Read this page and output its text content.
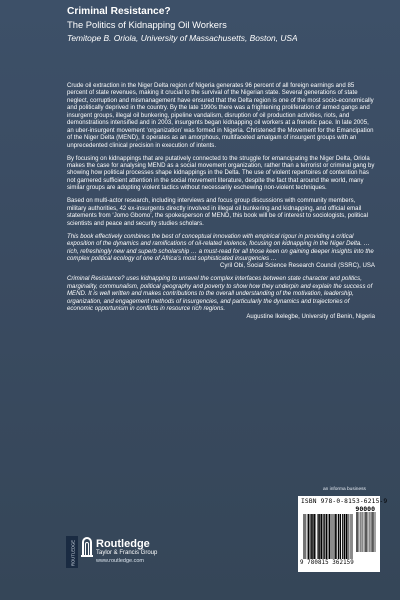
Criminal Resistance?

The Politics of Kidnapping Oil Workers

Temitope B. Oriola, University of Massachusetts, Boston, USA

Crude oil extraction in the Niger Delta region of Nigeria generates 96 percent of all foreign earnings and 85 percent of state revenues, making it crucial to the survival of the Nigerian state. Several generations of state neglect, corruption and mismanagement have ensured that the Delta region is one of the most socio-economically and politically deprived in the country. By the late 1990s there was a frightening proliferation of armed gangs and insurgent groups, illegal oil bunkering, pipeline vandalism, disruption of oil production activities, riots, and demonstrations intensified and in 2003, insurgents began kidnapping oil workers at a frenetic pace. In late 2005, an uber-insurgent movement ‘organization’ was formed in Nigeria. Christened the Movement for the Emancipation of the Niger Delta (MEND), it operates as an amorphous, multifaceted amalgam of insurgent groups with an unprecedented clinical precision in execution of intents.

By focusing on kidnappings that are putatively connected to the struggle for emancipating the Niger Delta, Oriola makes the case for analysing MEND as a social movement organization, rather than a terrorist or criminal gang by showing how political processes shape kidnappings in the Delta. The use of violent repertoires of contention has not garnered sufficient attention in the social movement literature, despite the fact that around the world, many similar groups are adopting violent tactics without necessarily eschewing non-violent techniques.

Based on multi-actor research, including interviews and focus group discussions with community members, military authorities, 42 ex-insurgents directly involved in illegal oil bunkering and kidnapping, and official email statements from ‘Jomo Gbomo’, the spokesperson of MEND, this book will be of interest to sociologists, political scientists and peace and security studies scholars.

This book effectively combines the best of conceptual innovation with empirical rigour in providing a critical exposition of the dynamics and ramifications of oil-related violence, focusing on kidnapping in the Niger Delta. … rich, refreshingly new and superb scholarship … a must-read for all those keen on gaining deeper insights into the complex political ecology of one of Africa’s most sophisticated insurgencies …

Cyril Obi, Social Science Research Council (SSRC), USA

Criminal Resistance? uses kidnapping to unravel the complex interfaces between state character and politics, marginality, communalism, political geography and poverty to show how they underpin and explain the success of MEND. It is well written and makes contributions to the overall understanding of the motivation, leadership, organization, and engagement methods of insurgencies, and particularly the dynamics and trajectories of economic opportunism in conflicts in resource rich regions.

Augustine Ikelegbe, University of Benin, Nigeria

an informa business
ISBN 978-0-8153-6215-9
90000
9 780815 362159
ROUTLEDGE Routledge
Taylor & Francis Group
www.routledge.com
